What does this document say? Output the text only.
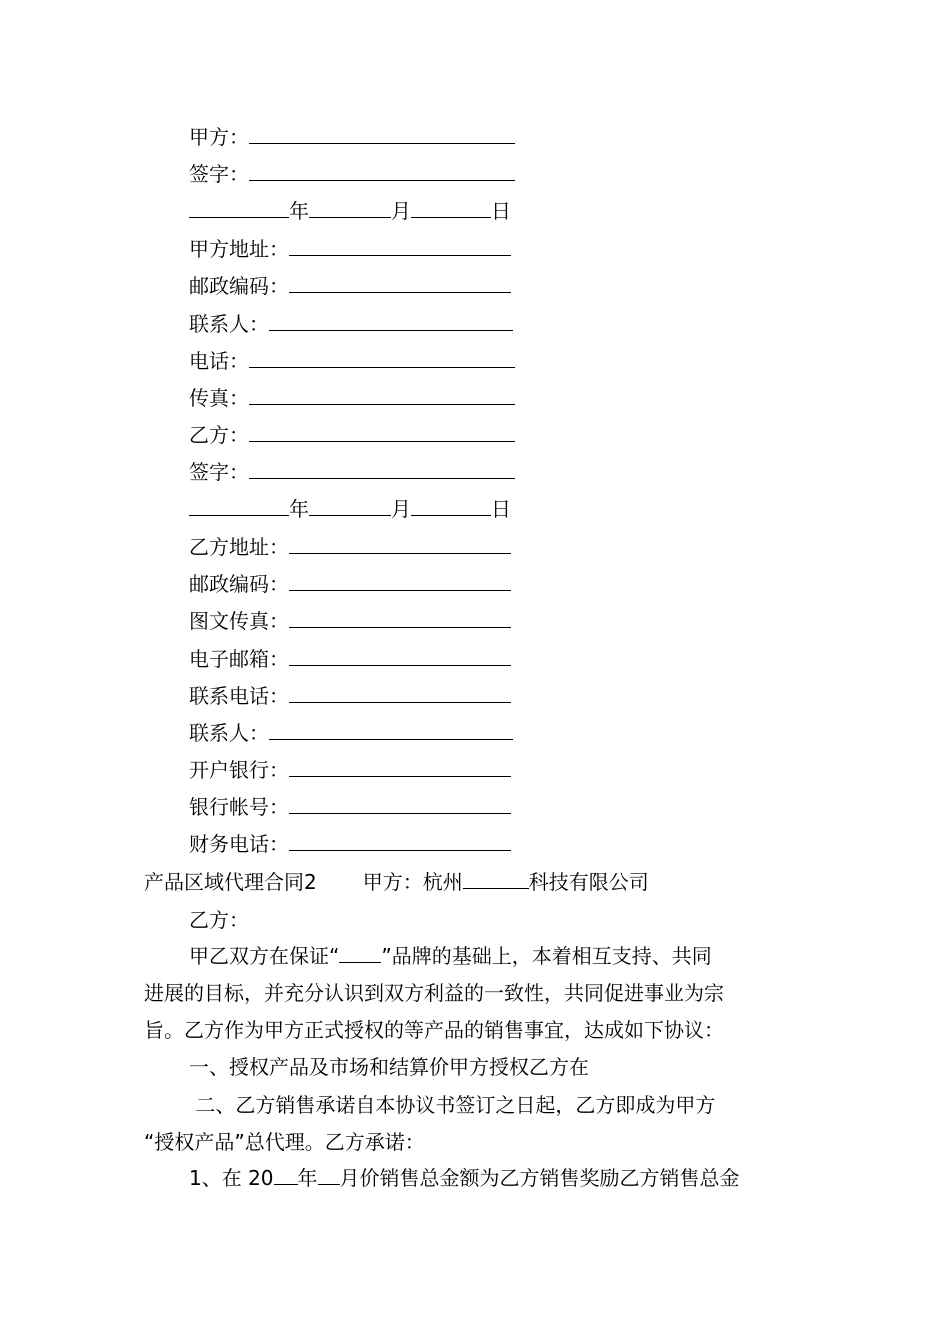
甲方：
签字：
年	月	日
甲方地址：
邮政编码：
联系人：
电话：
传真：
乙方：
签字：
年	月	日
乙方地址：
邮政编码：
图文传真：
电子邮箱：
联系电话：
联系人：
开户银行：
银行帐号：
财务电话：
产品区域代理合同2 甲方：杭州	科技有限公司
乙方：
甲乙双方在保证“ ”品牌的基础上，本着相互支持、共同
进展的目标，并充分认识到双方利益的一致性，共同促进事业为宗
旨。乙方作为甲方正式授权的等产品的销售事宜，达成如下协议：
一、授权产品及市场和结算价甲方授权乙方在
二、乙方销售承诺自本协议书签订之日起，乙方即成为甲方
“授权产品”总代理。乙方承诺：
1、在 20 年 月价销售总金额为乙方销售奖励乙方销售总金
